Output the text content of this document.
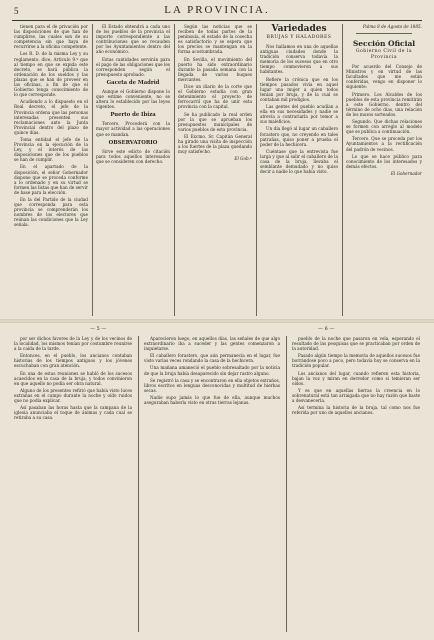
5	LA PROVINCIA.

tienen para el de privación por las disposiciones de que han de cumplirse, las cuales son de su competencia sin que haya de recurrirse a la oficina competente.

Los R. D. de la misma Ley y su reglamento, dice, Artículo 9.º que al tiempo en que se expida este decreto, se hará pública la ordenación de los sueldos y las plazas que se han de proveer en las oficinas, a fin de que el Gobierno tenga conocimiento de lo que corresponde.

Acudiendo a lo dispuesto en el Real decreto, el jefe de la Provincia ordena que las personas interesadas presenten sus reclamaciones ante la Junta Provincial dentro del plazo de quince días.

Toma entidad el jefe de la Provincia en la ejecución de la Ley, y el interés de las disposiciones que de los pueblos se han de cumplir.

En el apartado de la disposición, el señor Gobernador dispone que se proceda conforme a lo ordenado y en su virtud se formen las listas que han de servir de base para la elección.

En la del Partido de la ciudad que corresponda para esta provincia se comprenderán los nombres de los electores que reúnan las condiciones que la Ley señala.

El Estado obtendrá a cada uno de los pueblos de la provincia el importe correspondiente a las contribuciones que se recauden por los Ayuntamientos dentro del año económico.

Estas cantidades servirán para el pago de las obligaciones que les corresponden según el presupuesto aprobado.

Gaceta de Madrid

Aunque el Gobierno dispone lo que estime conveniente, no se altera lo establecido por las leyes vigentes.

Puerto de Ibiza

Tercero. Procederá con la mayor actividad a las operaciones que se mandan.

OBSERVATORIO

Sirve este edicto de citación para todos aquellos interesados que se consideren con derecho.

Según las noticias que se reciben de todas partes de la península, el estado de la cosecha es satisfactorio y se espera que los precios se mantengan en la forma acostumbrada.

En Sevilla, el movimiento del puerto ha sido extraordinario durante la pasada semana con la llegada de varios buques mercantes.

Dice un diario de la corte que el Gobierno estudia con gran detenimiento el proyecto de ferrocarril que ha de unir esta provincia con la capital.

Se ha publicado la real orden por la que se aprueban los presupuestos municipales de varios pueblos de esta provincia.

El Excmo. Sr. Capitán General ha girado una visita de inspección a los fuertes de la plaza quedando muy satisfecho.

El Gob.º

Variedades
BRUJAS Y HALADORES

Nos hallamos en una de aquellas antiguas ciudades donde la tradición conserva todavía la memoria de los sucesos que en otro tiempo conmovieron a sus habitantes.

Refiere la crónica que en los tiempos pasados vivía en aquel lugar una mujer a quien todos tenían por bruja, y de la cual se contaban mil prodigios.

Las gentes del pueblo acudían a ella en sus necesidades y nadie se atrevía a contrariarla por temor a sus maleficios.

Un día llegó al lugar un caballero forastero que, no creyendo en tales patrañas, quiso poner a prueba el poder de la hechicera.

Cuéntase que la entrevista fue larga y que al salir el caballero de la casa de la bruja, llevaba el semblante demudado y no quiso decir a nadie lo que había visto.

Palma 8 de Agosto de 1885.

Sección Oficial
Gobierno Civil de la Provincia

Por acuerdo del Consejo de Ministros y en virtud de las facultades que me están conferidas, vengo en disponer lo siguiente:

Primero. Los Alcaldes de los pueblos de esta provincia remitirán a este Gobierno, dentro del término de ocho días, una relación de los mozos sorteados.

Segundo. Que dichas relaciones se formen con arreglo al modelo que se publica a continuación.

Tercero. Que se proceda por los Ayuntamientos a la rectificación del padrón de vecinos.

Lo que se hace público para conocimiento de los interesados y demás efectos.

El Gobernador

— 5 —	— 6 —

por ser dichos favores de la Ley y de los vecinos de la localidad, los mismos tenían por costumbre reunirse a la caída de la tarde.

Entonces, en el pueblo, los ancianos contaban historias de los tiempos antiguos y los jóvenes escuchaban con gran atención.

En una de estas reuniones se habló de los sucesos acaecidos en la casa de la bruja, y todos convinieron en que aquello no podía ser obra natural.

Alguno de los presentes refirió que había visto luces extrañas en el campo durante la noche y oído ruidos que no podía explicar.

Así pasaban las horas hasta que la campana de la iglesia anunciaba el toque de ánimas y cada cual se retiraba a su casa.

Aparecieron luego, en aquellos días, las señales de que algo extraordinario iba a suceder y las gentes comenzaron a inquietarse.

El caballero forastero, que aún permanecía en el lugar, fue visto varias veces rondando la casa de la hechicera.

Una mañana amaneció el pueblo sobresaltado por la noticia de que la bruja había desaparecido sin dejar rastro alguno.

Se registró la casa y se encontraron en ella objetos extraños, libros escritos en lenguas desconocidas y multitud de hierbas secas.

Nadie supo jamás lo que fue de ella, aunque muchos aseguraban haberla visto en otras tierras lejanas.

pueblo de la noche que pasaron en vela, esperando el resultado de las pesquisas que se practicaban por orden de la autoridad.

Pasado algún tiempo la memoria de aquellos sucesos fue borrándose poco a poco, pero todavía hoy se conserva en la tradición popular.

Los ancianos del lugar, cuando refieren esta historia, bajan la voz y miran en derredor como si temieran ser oídos.

Y es que en aquellas tierras la creencia en lo sobrenatural está tan arraigada que no hay razón que baste a desvanecerla.

Así termina la historia de la bruja, tal como nos fue referida por uno de aquellos ancianos.
